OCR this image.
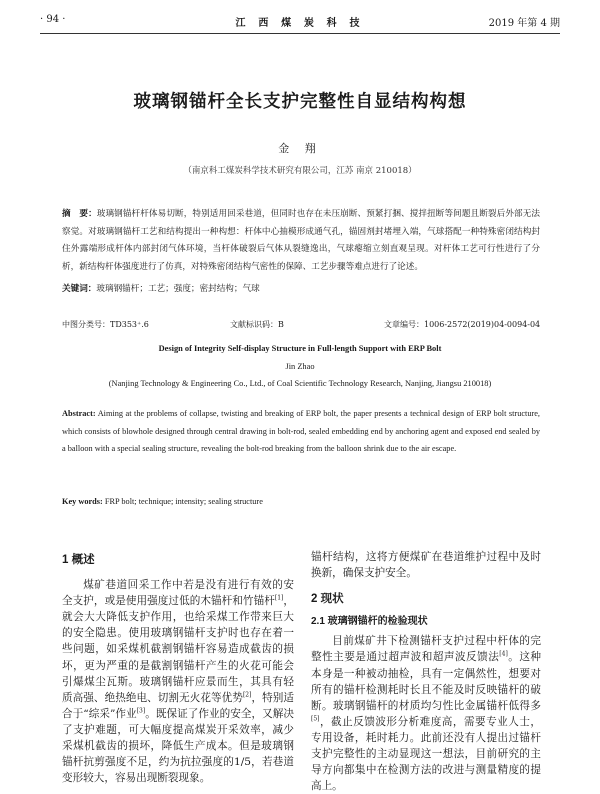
· 94 ·	江 西 煤 炭 科 技	2019 年第 4 期
玻璃钢锚杆全长支护完整性自显结构构想
金 翔
（南京科工煤炭科学技术研究有限公司，江苏 南京 210018）
摘　要：玻璃钢锚杆杆体易切断，特别适用回采巷道，但同时也存在未压崩断、预紧打捆、搅拌扭断等间题且断裂后外部无法察觉。对玻璃钢锚杆工艺和结构提出一种构想：杆体中心抽模形成通气孔，锚固剂封堵埋入端，气球搭配一种特殊密闭结构封住外露端形成杆体内部封闭气体环境，当杆体破裂后气体从裂缝逸出，气球瘪缩立刻直观呈现。对杆体工艺可行性进行了分析，新结构杆体强度进行了仿真，对特殊密闭结构气密性的保障、工艺步骤等难点进行了论述。
关键词：玻璃钢锚杆；工艺；强度；密封结构；气球
中图分类号：TD353⁺.6	文献标识码：B	文章编号：1006-2572(2019)04-0094-04
Design of Integrity Self-display Structure in Full-length Support with ERP Bolt
Jin Zhao
(Nanjing Technology & Engineering Co., Ltd., of Coal Scientific Technology Research, Nanjing, Jiangsu 210018)
Abstract: Aiming at the problems of collapse, twisting and breaking of ERP bolt, the paper presents a technical design of ERP bolt structure, which consists of blowhole designed through central drawing in bolt-rod, sealed embedding end by anchoring agent and exposed end sealed by a balloon with a special sealing structure, revealing the bolt-rod breaking from the balloon shrink due to the air escape.
Key words: FRP bolt; technique; intensity; sealing structure
1 概述

煤矿巷道回采工作中若是没有进行有效的安全支护，或是使用强度过低的木锚杆和竹锚杆[1]，就会大大降低支护作用，也给采煤工作带来巨大的安全隐患。使用玻璃钢锚杆支护时也存在着一些问题，如采煤机截割钢锚杆容易造成截齿的损坏，更为严重的是截割钢锚杆产生的火花可能会引爆煤尘瓦斯。玻璃钢锚杆应景而生，其具有轻质高强、绝热绝电、切割无火花等优势[2]，特别适合于“综采”作业[3]。既保证了作业的安全，又解决了支护难题，可大幅度提高煤炭开采效率，减少采煤机截齿的损坏，降低生产成本。但是玻璃钢锚杆抗剪强度不足，约为抗拉强度的1/5，若巷道变形较大，容易出现断裂现象。

锚杆结构，这将方便煤矿在巷道维护过程中及时换新，确保支护安全。

2 现状
2.1 玻璃钢锚杆的检验现状

目前煤矿井下检测锚杆支护过程中杆体的完整性主要是通过超声波和超声波反馈法[4]。这种本身是一种被动抽检，具有一定偶然性，想要对所有的锚杆检测耗时长且不能及时反映锚杆的破断。玻璃钢锚杆的材质均匀性比金属锚杆低得多[5]，截止反馈波形分析难度高，需要专业人士，专用设备，耗时耗力。此前还没有人提出过锚杆支护完整性的主动显现这一想法，目前研究的主导方向都集中在检测方法的改进与测量精度的提高上。
